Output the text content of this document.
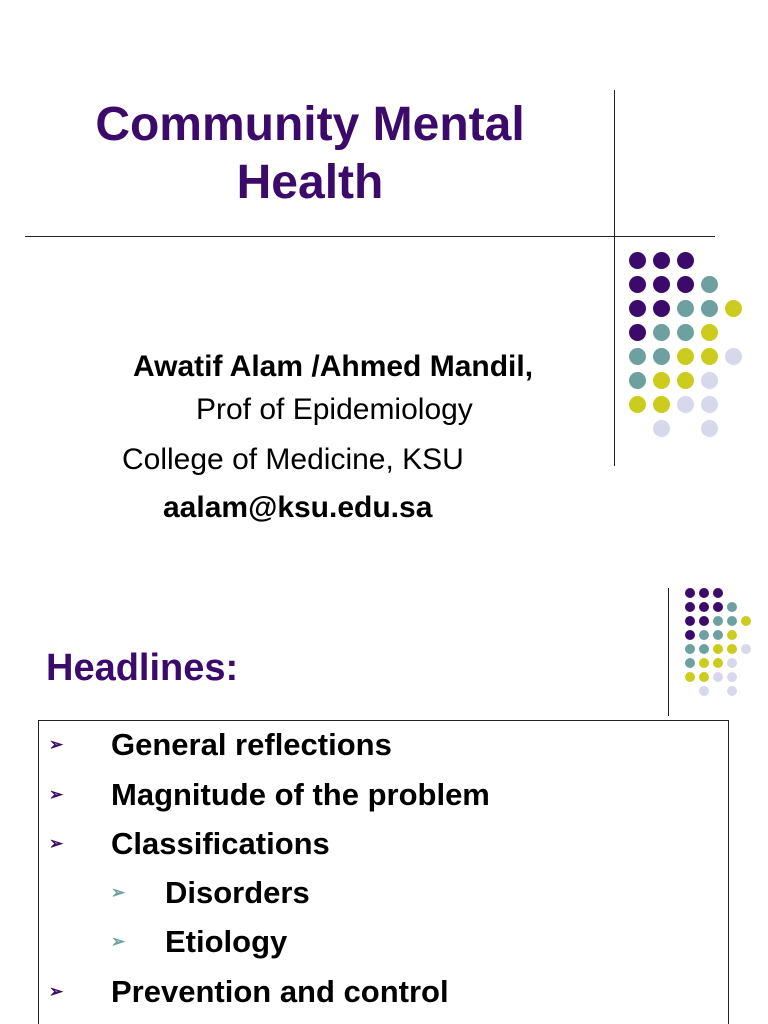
Community Mental
Health
Awatif Alam /Ahmed Mandil,
Prof of Epidemiology
College of Medicine, KSU
aalam@ksu.edu.sa
Headlines:
➢	General reflections
➢	Magnitude of the problem
➢	Classifications
➢	Disorders
➢	Etiology
➢	Prevention and control
